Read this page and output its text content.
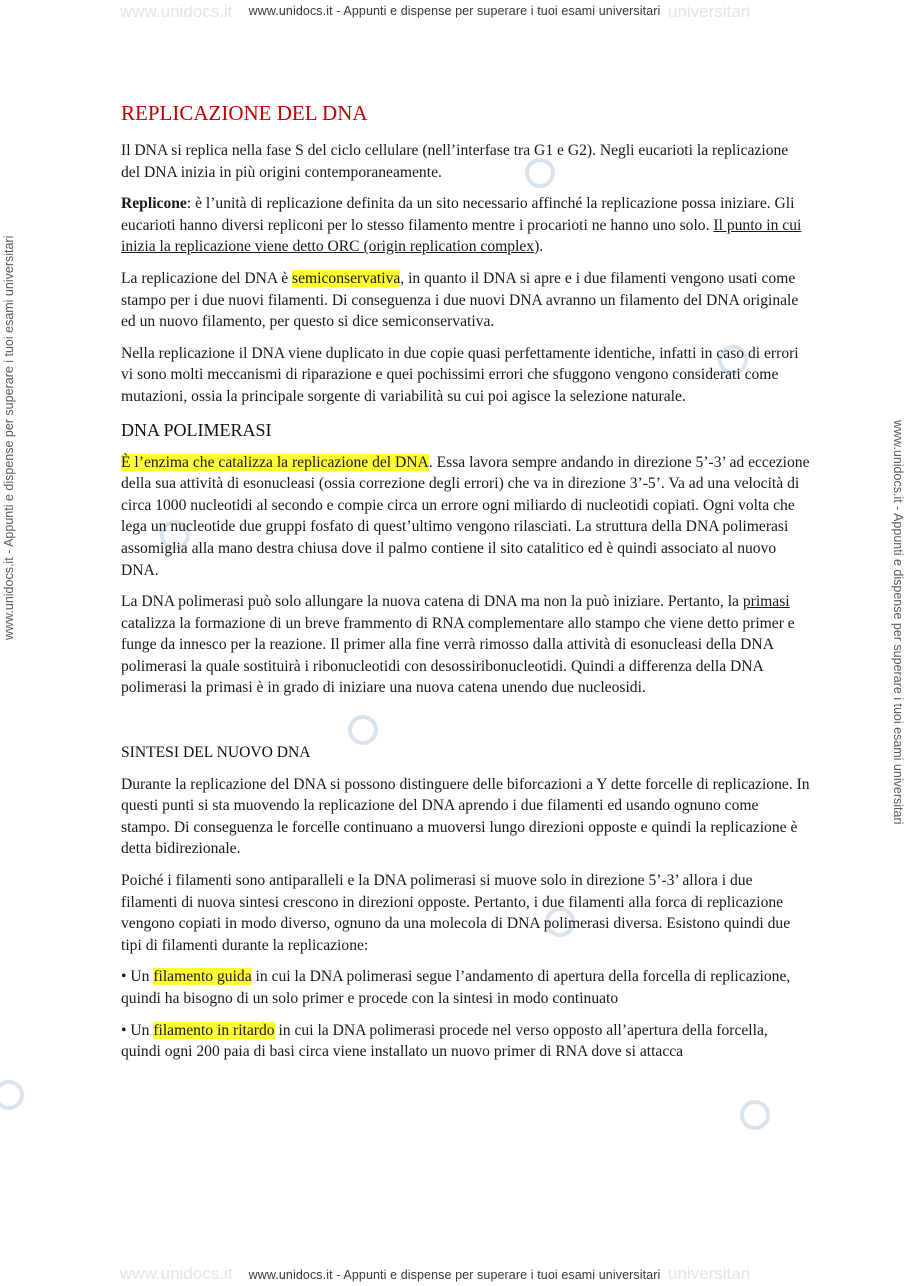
www.unidocs.it	universitari
www.unidocs.it - Appunti e dispense per superare i tuoi esami universitari
www.unidocs.it - Appunti e dispense per superare i tuoi esami universitari	www.unidocs.it - Appunti e dispense per superare i tuoi esami universitari
REPLICAZIONE DEL DNA

Il DNA si replica nella fase S del ciclo cellulare (nell’interfase tra G1 e G2). Negli eucarioti la replicazione del DNA inizia in più origini contemporaneamente.

Replicone: è l’unità di replicazione definita da un sito necessario affinché la replicazione possa iniziare. Gli eucarioti hanno diversi repliconi per lo stesso filamento mentre i procarioti ne hanno uno solo. Il punto in cui inizia la replicazione viene detto ORC (origin replication complex).

La replicazione del DNA è semiconservativa, in quanto il DNA si apre e i due filamenti vengono usati come stampo per i due nuovi filamenti. Di conseguenza i due nuovi DNA avranno un filamento del DNA originale ed un nuovo filamento, per questo si dice semiconservativa.

Nella replicazione il DNA viene duplicato in due copie quasi perfettamente identiche, infatti in caso di errori vi sono molti meccanismi di riparazione e quei pochissimi errori che sfuggono vengono considerati come mutazioni, ossia la principale sorgente di variabilità su cui poi agisce la selezione naturale.

DNA POLIMERASI

È l’enzima che catalizza la replicazione del DNA. Essa lavora sempre andando in direzione 5’-3’ ad eccezione della sua attività di esonucleasi (ossia correzione degli errori) che va in direzione 3’-5’. Va ad una velocità di circa 1000 nucleotidi al secondo e compie circa un errore ogni miliardo di nucleotidi copiati. Ogni volta che lega un nucleotide due gruppi fosfato di quest’ultimo vengono rilasciati. La struttura della DNA polimerasi assomiglia alla mano destra chiusa dove il palmo contiene il sito catalitico ed è quindi associato al nuovo DNA.

La DNA polimerasi può solo allungare la nuova catena di DNA ma non la può iniziare. Pertanto, la primasi catalizza la formazione di un breve frammento di RNA complementare allo stampo che viene detto primer e funge da innesco per la reazione. Il primer alla fine verrà rimosso dalla attività di esonucleasi della DNA polimerasi la quale sostituirà i ribonucleotidi con desossiribonucleotidi. Quindi a differenza della DNA polimerasi la primasi è in grado di iniziare una nuova catena unendo due nucleosidi.

SINTESI DEL NUOVO DNA

Durante la replicazione del DNA si possono distinguere delle biforcazioni a Y dette forcelle di replicazione. In questi punti si sta muovendo la replicazione del DNA aprendo i due filamenti ed usando ognuno come stampo. Di conseguenza le forcelle continuano a muoversi lungo direzioni opposte e quindi la replicazione è detta bidirezionale.

Poiché i filamenti sono antiparalleli e la DNA polimerasi si muove solo in direzione 5’-3’ allora i due filamenti di nuova sintesi crescono in direzioni opposte. Pertanto, i due filamenti alla forca di replicazione vengono copiati in modo diverso, ognuno da una molecola di DNA polimerasi diversa. Esistono quindi due tipi di filamenti durante la replicazione:

• Un filamento guida in cui la DNA polimerasi segue l’andamento di apertura della forcella di replicazione, quindi ha bisogno di un solo primer e procede con la sintesi in modo continuato

• Un filamento in ritardo in cui la DNA polimerasi procede nel verso opposto all’apertura della forcella, quindi ogni 200 paia di basi circa viene installato un nuovo primer di RNA dove si attacca

www.unidocs.it	universitari
www.unidocs.it - Appunti e dispense per superare i tuoi esami universitari
